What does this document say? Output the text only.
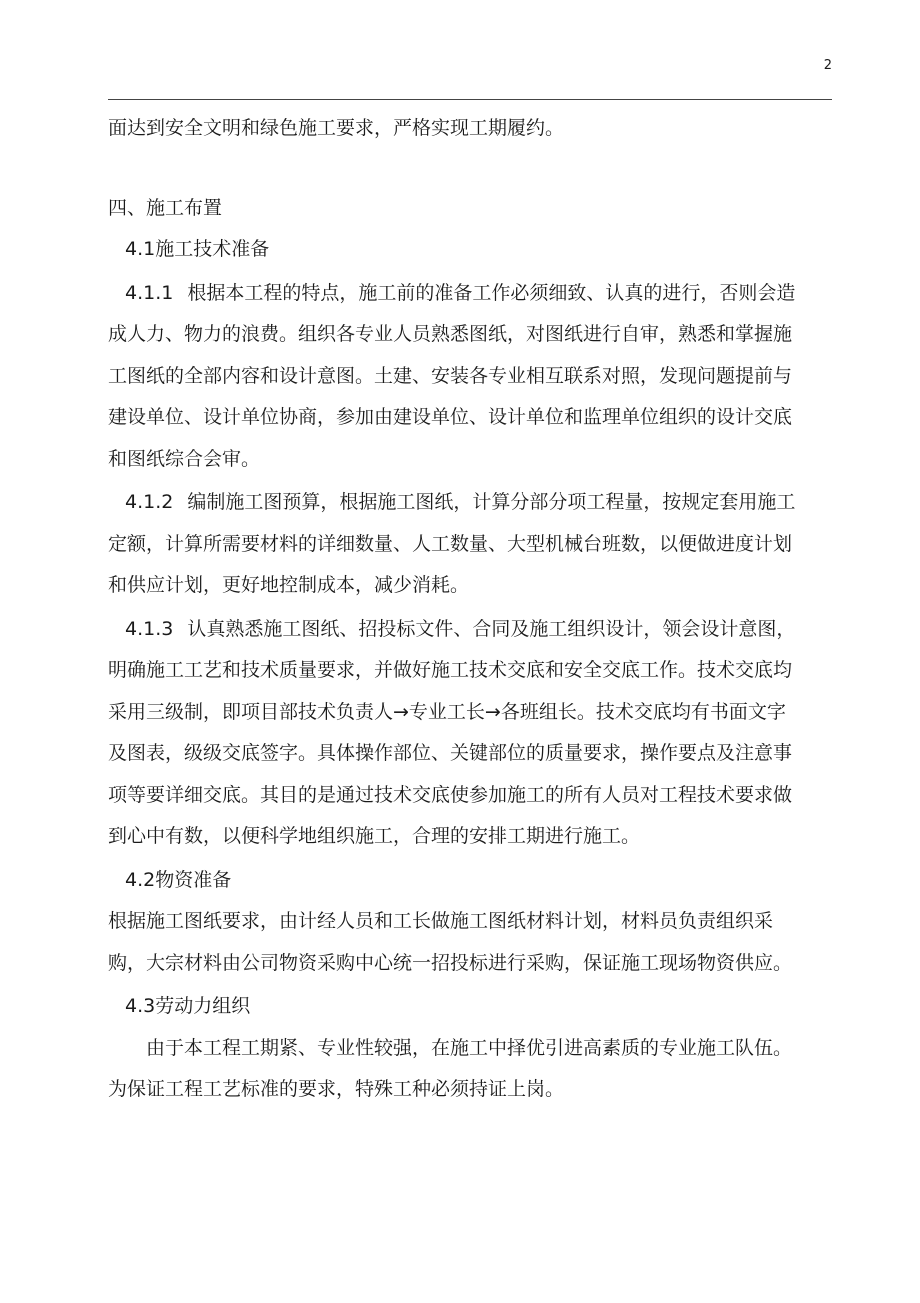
2

面达到安全文明和绿色施工要求，严格实现工期履约。

四、施工布置

4.1施工技术准备

4.1.1 根据本工程的特点，施工前的准备工作必须细致、认真的进行，否则会造成人力、物力的浪费。组织各专业人员熟悉图纸，对图纸进行自审，熟悉和掌握施工图纸的全部内容和设计意图。土建、安装各专业相互联系对照，发现问题提前与建设单位、设计单位协商，参加由建设单位、设计单位和监理单位组织的设计交底和图纸综合会审。

4.1.2 编制施工图预算，根据施工图纸，计算分部分项工程量，按规定套用施工定额，计算所需要材料的详细数量、人工数量、大型机械台班数，以便做进度计划和供应计划，更好地控制成本，减少消耗。

4.1.3 认真熟悉施工图纸、招投标文件、合同及施工组织设计，领会设计意图，明确施工工艺和技术质量要求，并做好施工技术交底和安全交底工作。技术交底均采用三级制，即项目部技术负责人→专业工长→各班组长。技术交底均有书面文字及图表，级级交底签字。具体操作部位、关键部位的质量要求，操作要点及注意事项等要详细交底。其目的是通过技术交底使参加施工的所有人员对工程技术要求做到心中有数，以便科学地组织施工，合理的安排工期进行施工。

4.2物资准备

根据施工图纸要求，由计经人员和工长做施工图纸材料计划，材料员负责组织采购，大宗材料由公司物资采购中心统一招投标进行采购，保证施工现场物资供应。

4.3劳动力组织

由于本工程工期紧、专业性较强，在施工中择优引进高素质的专业施工队伍。为保证工程工艺标准的要求，特殊工种必须持证上岗。
